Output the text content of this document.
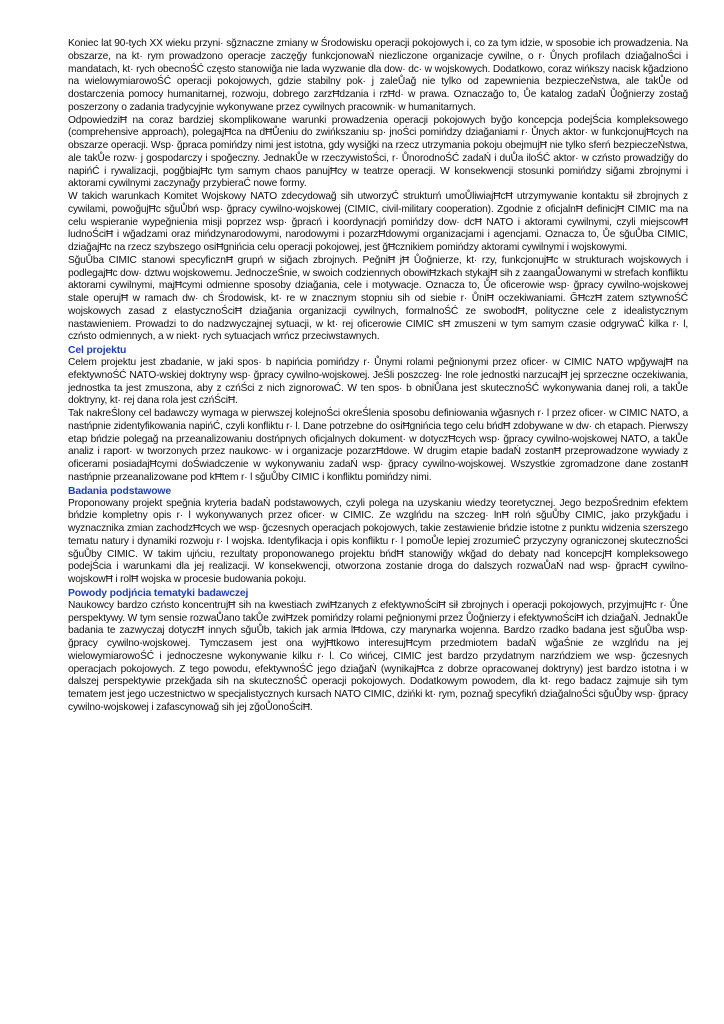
Koniec lat 90-tych XX wieku przyni· sğznaczne zmiany w Środowisku operacji pokojowych i, co za tym idzie, w sposobie ich prowadzenia. Na obszarze, na kt· rym prowadzono operacje zaczęğy funkcjonowaŃ niezliczone organizacje cywilne, o r· Ůnych profilach dziağalnoŚci i mandatach, kt· rych obecnoŚĆ często stanowiğa nie lada wyzwanie dla dow· dc· w wojskowych. Dodatkowo, coraz wińkszy nacisk kğadziono na wielowymiarowoŚĆ operacji pokojowych, gdzie stabilny pok· j zaleŮağ nie tylko od zapewnienia bezpieczeŃstwa, ale takŮe od dostarczenia pomocy humanitarnej, rozwoju, dobrego zarzĦdzania i rzĦd· w prawa. Oznaczağo to, Ůe katalog zadaŃ Ůoğnierzy zostağ poszerzony o zadania tradycyjnie wykonywane przez cywilnych pracownik· w humanitarnych.

OdpowiedziĦ na coraz bardziej skomplikowane warunki prowadzenia operacji pokojowych byğo koncepcja podejŚcia kompleksowego (comprehensive approach), polegajĦca na dĦŮeniu do zwińkszaniu sp· jnoŚci pomińdzy dziağaniami r· Ůnych aktor· w funkcjonujĦcych na obszarze operacji. Wsp· ğpraca pomińdzy nimi jest istotna, gdy wysiğki na rzecz utrzymania pokoju obejmujĦ nie tylko sferń bezpieczeŃstwa, ale takŮe rozw· j gospodarczy i spoğeczny. JednakŮe w rzeczywistoŚci, r· ŮnorodnoŚĆ zadaŃ i duŮa iloŚĆ aktor· w czństo prowadziğy do napińĆ i rywalizacji, pogğbiajĦc tym samym chaos panujĦcy w teatrze operacji. W konsekwencji stosunki pomińdzy siğami zbrojnymi i aktorami cywilnymi zaczynağy przybieraĆ nowe formy.

W takich warunkach Komitet Wojskowy NATO zdecydowağ sih utworzyĆ strukturń umoŮliwiajĦcĦ utrzymywanie kontaktu sił zbrojnych z cywilami, powoğujĦc sğuŮbń wsp· ğpracy cywilno-wojskowej (CIMIC, civil-military cooperation). Zgodnie z oficjalnĦ definicjĦ CIMIC ma na celu wspieranie wypeğnienia misji poprzez wsp· ğpracń i koordynacjń pomińdzy dow· dcĦ NATO i aktorami cywilnymi, czyli miejscowĦ ludnoŚciĦ i wğadzami oraz mińdzynarodowymi, narodowymi i pozarzĦdowymi organizacjami i agencjami. Oznacza to, Ůe sğuŮba CIMIC, dziağajĦc na rzecz szybszego osiĦgnińcia celu operacji pokojowej, jest ğĦcznikiem pomińdzy aktorami cywilnymi i wojskowymi.

SğuŮba CIMIC stanowi specyficznĦ grupń w siğach zbrojnych. PeğniĦ jĦ Ůoğnierze, kt· rzy, funkcjonujĦc w strukturach wojskowych i podlegajĦc dow· dztwu wojskowemu. JednoczeŚnie, w swoich codziennych obowiĦzkach stykajĦ sih z zaangaŮowanymi w strefach konfliktu aktorami cywilnymi, majĦcymi odmienne sposoby dziağania, cele i motywacje. Oznacza to, Ůe oficerowie wsp· ğpracy cywilno-wojskowej stale operujĦ w ramach dw· ch Środowisk, kt· re w znacznym stopniu sih od siebie r· ŮniĦ oczekiwaniami. ĞĦczĦ zatem sztywnoŚĆ wojskowych zasad z elastycznoŚciĦ dziağania organizacji cywilnych, formalnoŚĆ ze swobodĦ, polityczne cele z idealistycznym nastawieniem. Prowadzi to do nadzwyczajnej sytuacji, w kt· rej oficerowie CIMIC sĦ zmuszeni w tym samym czasie odgrywaĆ kilka r· l, czństo odmiennych, a w niekt· rych sytuacjach wrńcz przeciwstawnych.

Cel projektu

Celem projektu jest zbadanie, w jaki spos· b napińcia pomińdzy r· Ůnymi rolami peğnionymi przez oficer· w CIMIC NATO wpğywajĦ na efektywnoŚĆ NATO-wskiej doktryny wsp· ğpracy cywilno-wojskowej. JeŚli poszczeg· lne role jednostki narzucajĦ jej sprzeczne oczekiwania, jednostka ta jest zmuszona, aby z czńŚci z nich zignorowaĆ. W ten spos· b obniŮana jest skutecznoŚĆ wykonywania danej roli, a takŮe doktryny, kt· rej dana rola jest czńŚciĦ.

Tak nakreŚlony cel badawczy wymaga w pierwszej kolejnoŚci okreŚlenia sposobu definiowania wğasnych r· l przez oficer· w CIMIC NATO, a nastńpnie zidentyfikowania napińĆ, czyli konfliktu r· l. Dane potrzebne do osiĦgnińcia tego celu bńdĦ zdobywane w dw· ch etapach. Pierwszy etap bńdzie polegağ na przeanalizowaniu dostńpnych oficjalnych dokument· w dotyczĦcych wsp· ğpracy cywilno-wojskowej NATO, a takŮe analiz i raport· w tworzonych przez naukowc· w i organizacje pozarzĦdowe. W drugim etapie badaŃ zostanĦ przeprowadzone wywiady z oficerami posiadajĦcymi doŚwiadczenie w wykonywaniu zadaŃ wsp· ğpracy cywilno-wojskowej. Wszystkie zgromadzone dane zostanĦ nastńpnie przeanalizowane pod kĦtem r· l sğuŮby CIMIC i konfliktu pomińdzy nimi.

Badania podstawowe

Proponowany projekt speğnia kryteria badaŃ podstawowych, czyli polega na uzyskaniu wiedzy teoretycznej. Jego bezpoŚrednim efektem bńdzie kompletny opis r· l wykonywanych przez oficer· w CIMIC. Ze wzglńdu na szczeg· lnĦ rolń sğuŮby CIMIC, jako przykğadu i wyznacznika zmian zachodzĦcych we wsp· ğczesnych operacjach pokojowych, takie zestawienie bńdzie istotne z punktu widzenia szerszego tematu natury i dynamiki rozwoju r· l wojska. Identyfikacja i opis konfliktu r· l pomoŮe lepiej zrozumieĆ przyczyny ograniczonej skutecznoŚci sğuŮby CIMIC. W takim ujńciu, rezultaty proponowanego projektu bńdĦ stanowiğy wkğad do debaty nad koncepcjĦ kompleksowego podejŚcia i warunkami dla jej realizacji. W konsekwencji, otworzona zostanie droga do dalszych rozwaŮaŃ nad wsp· ğpracĦ cywilno-wojskowĦ i rolĦ wojska w procesie budowania pokoju.

Powody podjńcia tematyki badawczej

Naukowcy bardzo czństo koncentrujĦ sih na kwestiach zwiĦzanych z efektywnoŚciĦ sił zbrojnych i operacji pokojowych, przyjmujĦc r· Ůne perspektywy. W tym sensie rozwaŮano takŮe zwiĦzek pomińdzy rolami peğnionymi przez Ůoğnierzy i efektywnoŚciĦ ich dziağaŃ. JednakŮe badania te zazwyczaj dotyczĦ innych sğuŮb, takich jak armia lĦdowa, czy marynarka wojenna. Bardzo rzadko badana jest sğuŮba wsp· ğpracy cywilno-wojskowej. Tymczasem jest ona wyjĦtkowo interesujĦcym przedmiotem badaŃ wğaŚnie ze wzglńdu na jej wielowymiarowoŚĆ i jednoczesne wykonywanie kilku r· l. Co wińcej, CIMIC jest bardzo przydatnym narzńdziem we wsp· ğczesnych operacjach pokojowych. Z tego powodu, efektywnoŚĆ jego dziağaŃ (wynikajĦca z dobrze opracowanej doktryny) jest bardzo istotna i w dalszej perspektywie przekğada sih na skutecznoŚĆ operacji pokojowych. Dodatkowym powodem, dla kt· rego badacz zajmuje sih tym tematem jest jego uczestnictwo w specjalistycznych kursach NATO CIMIC, dzińki kt· rym, poznağ specyfikń dziağalnoŚci sğuŮby wsp· ğpracy cywilno-wojskowej i zafascynowağ sih jej zğoŮonoŚciĦ.
